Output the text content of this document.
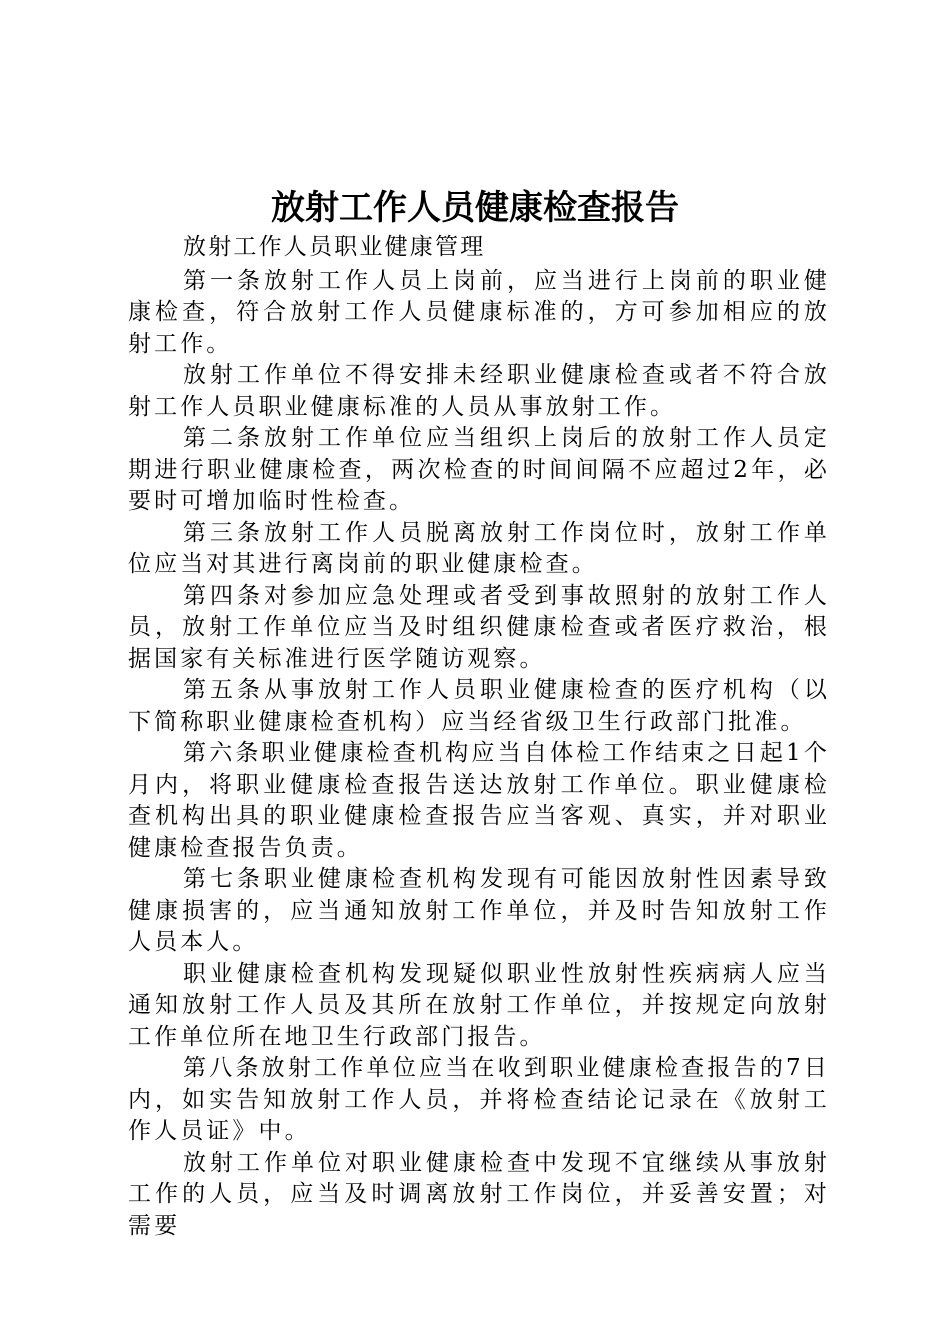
放射工作人员健康检查报告

放射工作人员职业健康管理

第一条放射工作人员上岗前，应当进行上岗前的职业健康检查，符合放射工作人员健康标准的，方可参加相应的放射工作。

放射工作单位不得安排未经职业健康检查或者不符合放射工作人员职业健康标准的人员从事放射工作。

第二条放射工作单位应当组织上岗后的放射工作人员定期进行职业健康检查，两次检查的时间间隔不应超过2年，必要时可增加临时性检查。

第三条放射工作人员脱离放射工作岗位时，放射工作单位应当对其进行离岗前的职业健康检查。

第四条对参加应急处理或者受到事故照射的放射工作人员，放射工作单位应当及时组织健康检查或者医疗救治，根据国家有关标准进行医学随访观察。

第五条从事放射工作人员职业健康检查的医疗机构（以下简称职业健康检查机构）应当经省级卫生行政部门批准。

第六条职业健康检查机构应当自体检工作结束之日起1个月内，将职业健康检查报告送达放射工作单位。职业健康检查机构出具的职业健康检查报告应当客观、真实，并对职业健康检查报告负责。

第七条职业健康检查机构发现有可能因放射性因素导致健康损害的，应当通知放射工作单位，并及时告知放射工作人员本人。

职业健康检查机构发现疑似职业性放射性疾病病人应当通知放射工作人员及其所在放射工作单位，并按规定向放射工作单位所在地卫生行政部门报告。

第八条放射工作单位应当在收到职业健康检查报告的7日内，如实告知放射工作人员，并将检查结论记录在《放射工作人员证》中。

放射工作单位对职业健康检查中发现不宜继续从事放射工作的人员，应当及时调离放射工作岗位，并妥善安置；对需要
